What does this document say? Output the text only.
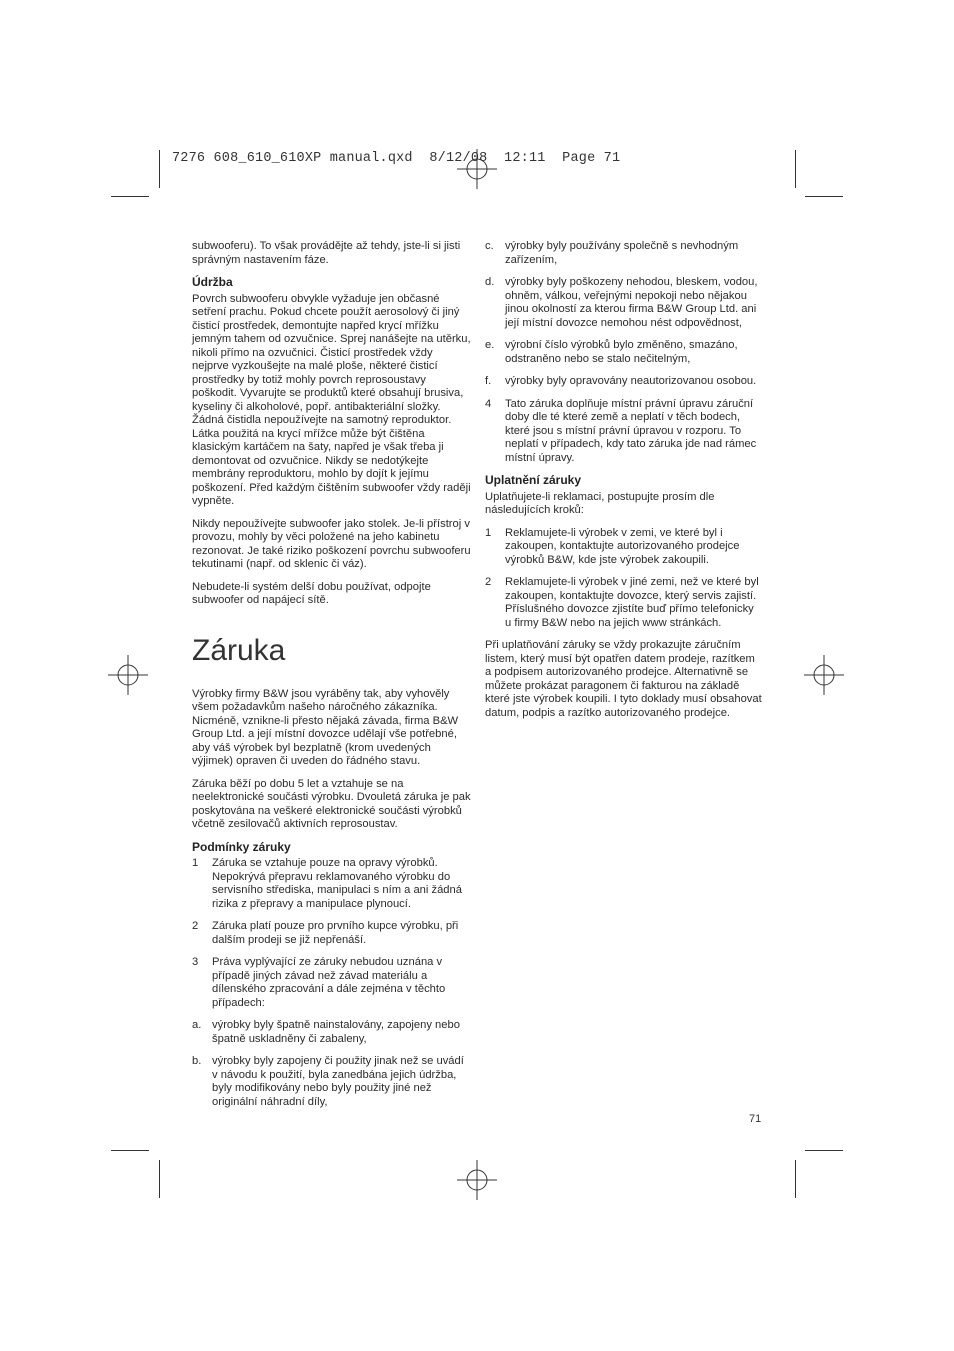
7276 608_610_610XP manual.qxd  8/12/08  12:11  Page 71

subwooferu). To však provádějte až tehdy, jste-li si jisti správným nastavením fáze.

Údržba

Povrch subwooferu obvykle vyžaduje jen občasné setření prachu. Pokud chcete použít aerosolový či jiný čisticí prostředek, demontujte napřed krycí mřížku jemným tahem od ozvučnice. Sprej nanášejte na utěrku, nikoli přímo na ozvučnici. Čisticí prostředek vždy nejprve vyzkoušejte na malé ploše, některé čisticí prostředky by totiž mohly povrch reprosoustavy poškodit. Vyvarujte se produktů které obsahují brusiva, kyseliny či alkoholové, popř. antibakteriální složky. Žádná čistidla nepoužívejte na samotný reproduktor. Látka použitá na krycí mřížce může být čištěna klasickým kartáčem na šaty, napřed je však třeba ji demontovat od ozvučnice. Nikdy se nedotýkejte membrány reproduktoru, mohlo by dojít k jejímu poškození. Před každým čištěním subwoofer vždy raději vypněte.

Nikdy nepoužívejte subwoofer jako stolek. Je-li přístroj v provozu, mohly by věci položené na jeho kabinetu rezonovat. Je také riziko poškození povrchu subwooferu tekutinami (např. od sklenic či váz).

Nebudete-li systém delší dobu používat, odpojte subwoofer od napájecí sítě.

Záruka

Výrobky firmy B&W jsou vyráběny tak, aby vyhověly všem požadavkům našeho náročného zákazníka. Nicméně, vznikne-li přesto nějaká závada, firma B&W Group Ltd. a její místní dovozce udělají vše potřebné, aby váš výrobek byl bezplatně (krom uvedených výjimek) opraven či uveden do řádného stavu.

Záruka běží po dobu 5 let a vztahuje se na neelektronické součásti výrobku. Dvouletá záruka je pak poskytována na veškeré elektronické součásti výrobků včetně zesilovačů aktivních reprosoustav.

Podmínky záruky
1	Záruka se vztahuje pouze na opravy výrobků. Nepokrývá přepravu reklamovaného výrobku do servisního střediska, manipulaci s ním a ani žádná rizika z přepravy a manipulace plynoucí.
2	Záruka platí pouze pro prvního kupce výrobku, při dalším prodeji se již nepřenáší.
3	Práva vyplývající ze záruky nebudou uznána v případě jiných závad než závad materiálu a dílenského zpracování a dále zejména v těchto případech:
a. výrobky byly špatně nainstalovány, zapojeny nebo špatně uskladněny či zabaleny,
b. výrobky byly zapojeny či použity jinak než se uvádí v návodu k použití, byla zanedbána jejich údržba, byly modifikovány nebo byly použity jiné než originální náhradní díly,
c.	výrobky byly používány společně s nevhodným zařízením,
d. výrobky byly poškozeny nehodou, bleskem, vodou, ohněm, válkou, veřejnými nepokoji nebo nějakou jinou okolností za kterou firma B&W Group Ltd. ani její místní dovozce nemohou nést odpovědnost,
e. výrobní číslo výrobků bylo změněno, smazáno, odstraněno nebo se stalo nečitelným,
f.	výrobky byly opravovány neautorizovanou osobou.
4	Tato záruka doplňuje místní právní úpravu záruční doby dle té které země a neplatí v těch bodech, které jsou s místní právní úpravou v rozporu. To neplatí v případech, kdy tato záruka jde nad rámec místní úpravy.
Uplatnění záruky

Uplatňujete-li reklamaci, postupujte prosím dle následujících kroků:

1	Reklamujete-li výrobek v zemi, ve které byl i zakoupen, kontaktujte autorizovaného prodejce výrobků B&W, kde jste výrobek zakoupili.
2	Reklamujete-li výrobek v jiné zemi, než ve které byl zakoupen, kontaktujte dovozce, který servis zajistí. Příslušného dovozce zjistíte buď přímo telefonicky u firmy B&W nebo na jejich www stránkách.

Při uplatňování záruky se vždy prokazujte záručním listem, který musí být opatřen datem prodeje, razítkem a podpisem autorizovaného prodejce. Alternativně se můžete prokázat paragonem či fakturou na základě které jste výrobek koupili. I tyto doklady musí obsahovat datum, podpis a razítko autorizovaného prodejce.

71
